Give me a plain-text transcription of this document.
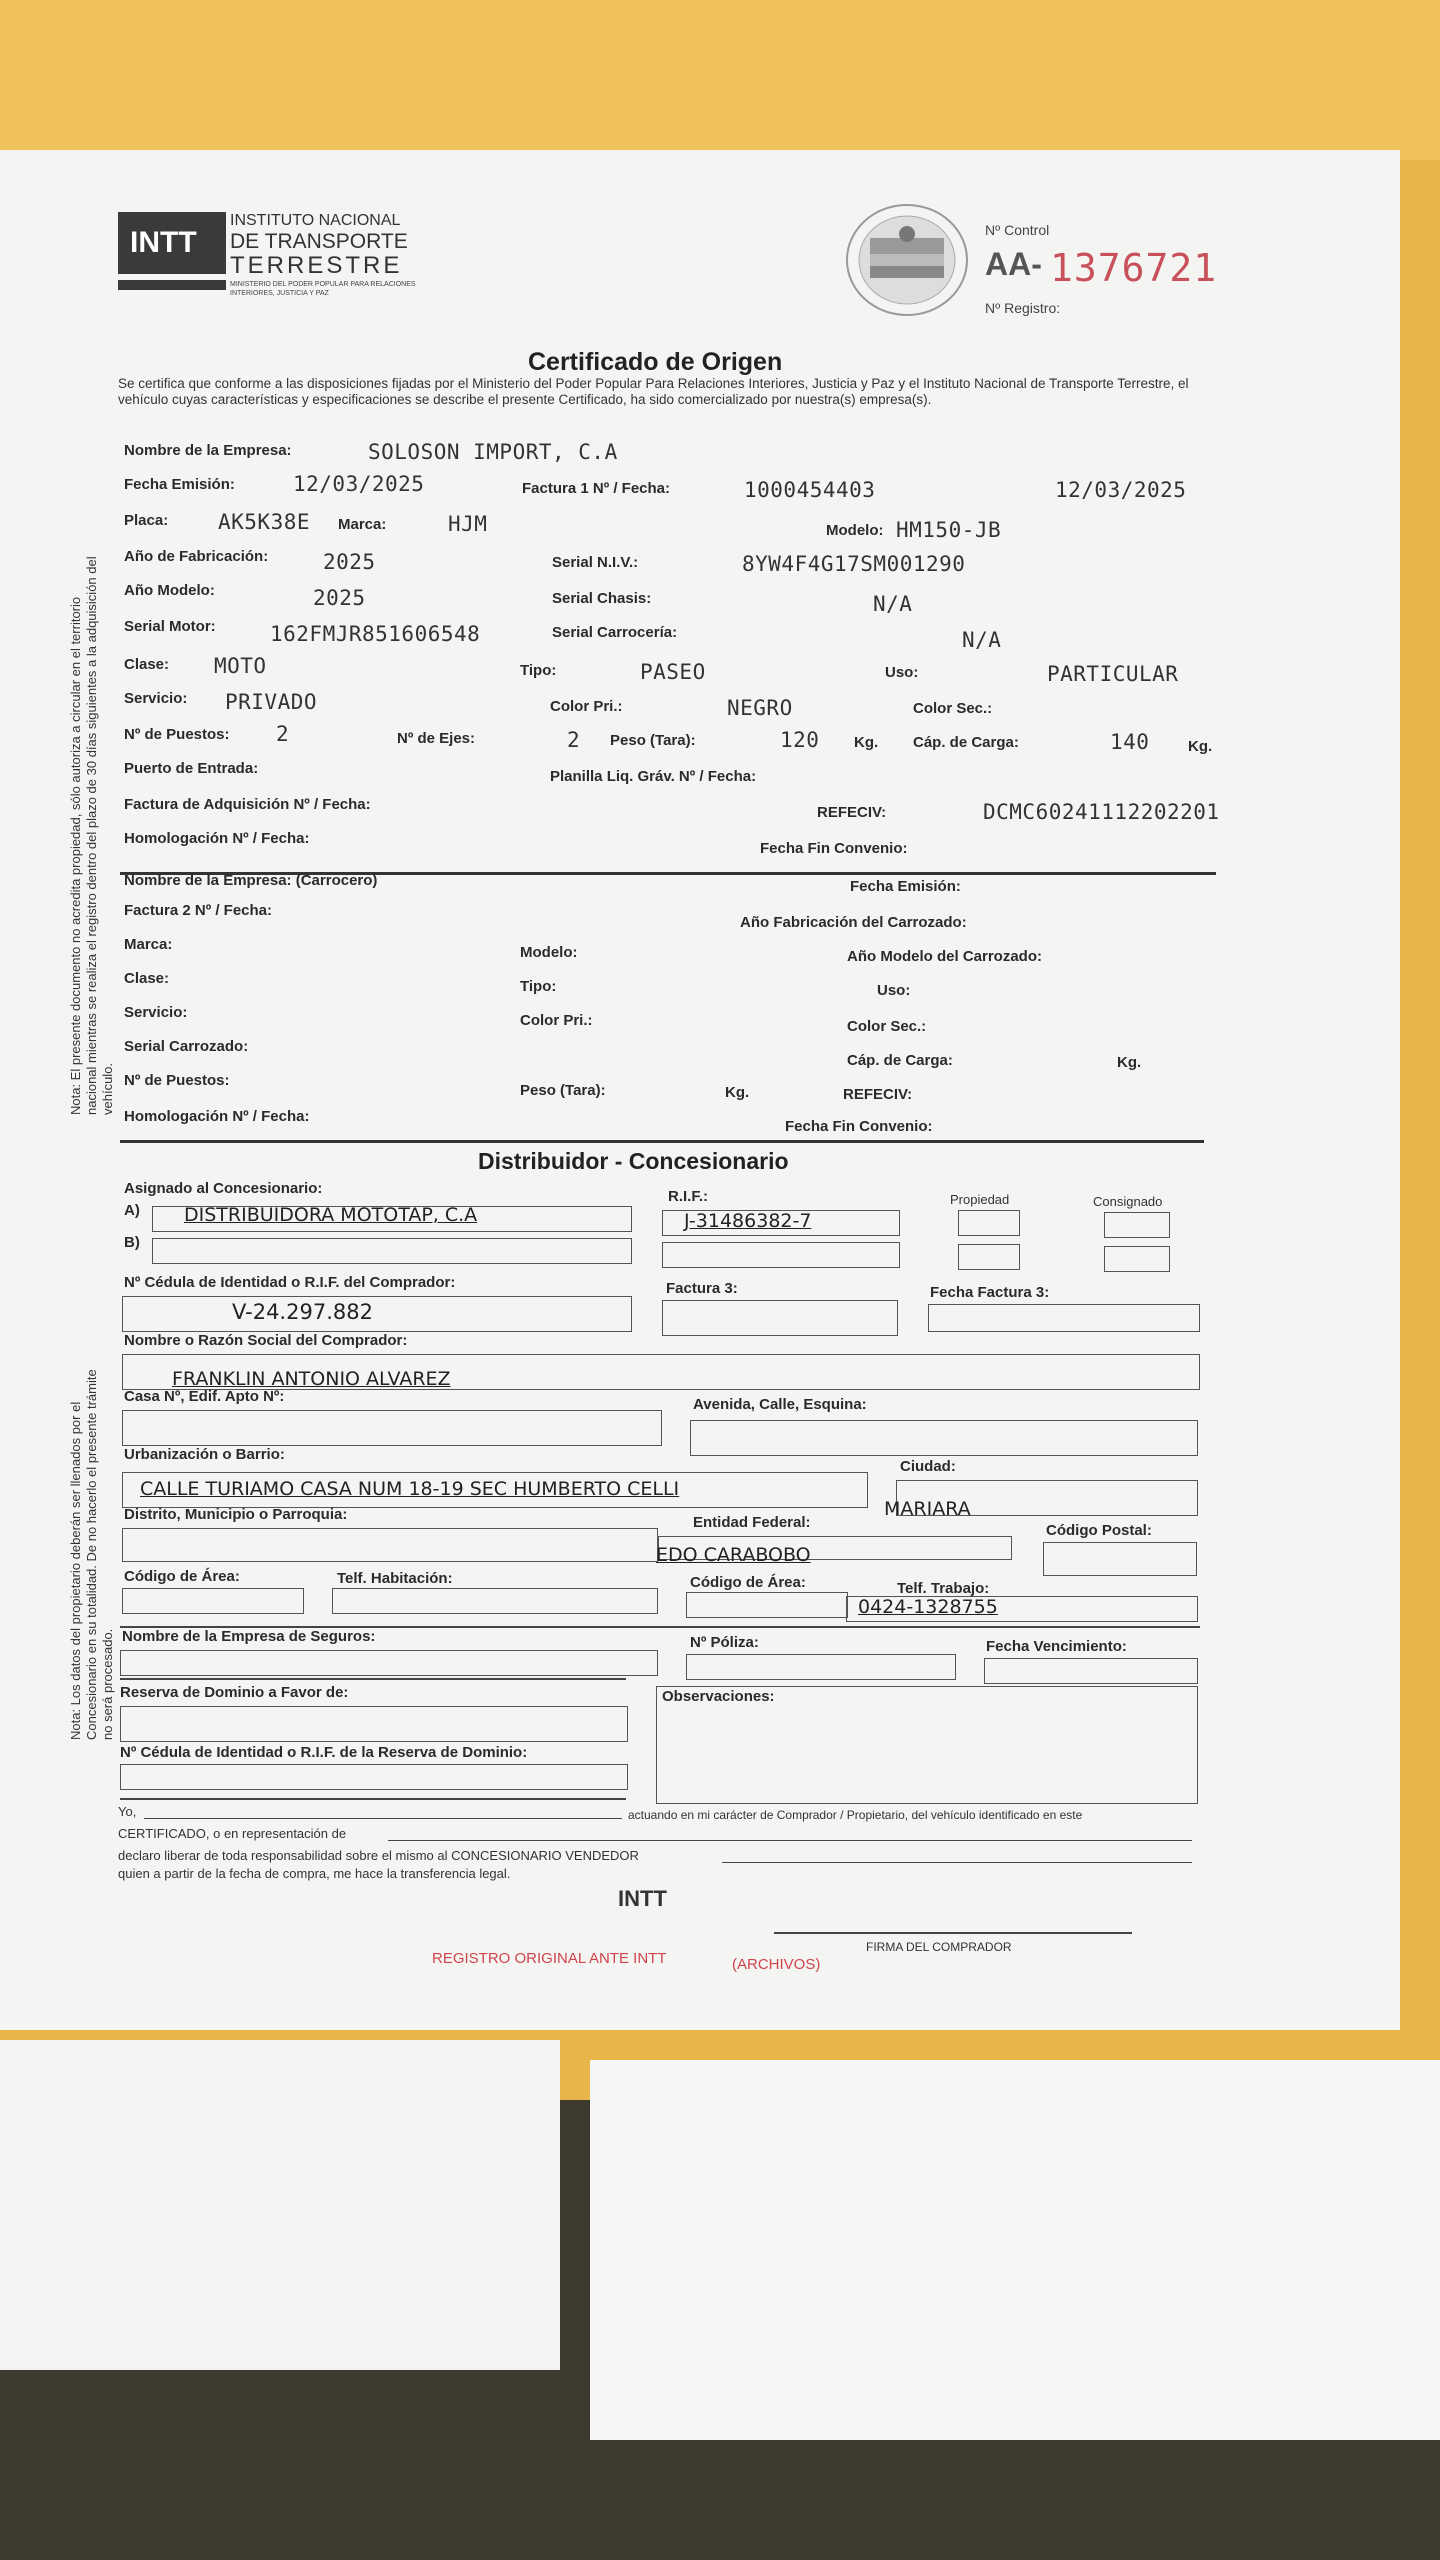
INTT
INSTITUTO NACIONAL
DE TRANSPORTE
TERRESTRE
MINISTERIO DEL PODER POPULAR PARA RELACIONES INTERIORES, JUSTICIA Y PAZ
Nº Control
AA- 1376721
Nº Registro:
Certificado de Origen
Se certifica que conforme a las disposiciones fijadas por el Ministerio del Poder Popular Para Relaciones Interiores, Justicia y Paz y el Instituto Nacional de Transporte Terrestre, el vehículo cuyas características y especificaciones se describe el presente Certificado, ha sido comercializado por nuestra(s) empresa(s).
Nota: El presente documento no acredita propiedad, sólo autoriza a circular en el territorio nacional mientras se realiza el registro dentro del plazo de 30 días siguientes a la adquisición del vehículo.
Nota: Los datos del propietario deberán ser llenados por el Concesionario en su totalidad. De no hacerlo el presente trámite no será procesado.
Nombre de la Empresa:	SOLOSON IMPORT, C.A
Fecha Emisión:	12/03/2025	Factura 1 Nº / Fecha:	1000454403	12/03/2025
Placa: AK5K38E Marca:	HJM	Modelo: HM150-JB
Año de Fabricación:	2025	Serial N.I.V.:	8YW4F4G17SM001290
Año Modelo:	2025	Serial Chasis:	N/A
Serial Motor:	162FMJR851606548	Serial Carrocería:	N/A
Clase: MOTO	Tipo:	PASEO	Uso:	PARTICULAR
Servicio: PRIVADO	Color Pri.:	NEGRO	Color Sec.:
Nº de Puestos: 2	Nº de Ejes:	2 Peso (Tara):	120 Kg. Cáp. de Carga:	140	Kg.
Puerto de Entrada:	Planilla Liq. Gráv. Nº / Fecha:
Factura de Adquisición Nº / Fecha:	REFECIV:	DCMC60241112202201
Homologación Nº / Fecha:
Fecha Fin Convenio:
Nombre de la Empresa: (Carrocero)	Fecha Emisión:
Factura 2 Nº / Fecha:
Año Fabricación del Carrozado:
Marca:	Modelo:	Año Modelo del Carrozado:
Clase:	Tipo:	Uso:
Servicio:	Color Pri.:	Color Sec.:
Serial Carrozado:
Cáp. de Carga:	Kg.
Nº de Puestos:
Peso (Tara):	Kg.	REFECIV:
Homologación Nº / Fecha:
Fecha Fin Convenio:
Distribuidor - Concesionario
Asignado al Concesionario:	R.I.F.:	Propiedad	Consignado
A) DISTRIBUIDORA MOTOTAP, C.A	J-31486382-7
B)
Nº Cédula de Identidad o R.I.F. del Comprador:	Factura 3:	Fecha Factura 3:
V-24.297.882
Nombre o Razón Social del Comprador:
FRANKLIN ANTONIO ALVAREZ
Casa Nº, Edif. Apto Nº:	Avenida, Calle, Esquina:
Urbanización o Barrio:
Ciudad:
CALLE TURIAMO CASA NUM 18-19 SEC HUMBERTO CELLI
MARIARA
Distrito, Municipio o Parroquia:	Entidad Federal:	Código Postal:
EDO CARABOBO
Código de Área:	Telf. Habitación:	Código de Área:	Telf. Trabajo:
0424-1328755
Nombre de la Empresa de Seguros:	Nº Póliza:	Fecha Vencimiento:
Reserva de Dominio a Favor de:	Observaciones:
Nº Cédula de Identidad o R.I.F. de la Reserva de Dominio:
Yo,	actuando en mi carácter de Comprador / Propietario, del vehículo identificado en este
CERTIFICADO, o en representación de
declaro liberar de toda responsabilidad sobre el mismo al CONCESIONARIO VENDEDOR
quien a partir de la fecha de compra, me hace la transferencia legal.
INTT
FIRMA DEL COMPRADOR
REGISTRO ORIGINAL ANTE INTT	(ARCHIVOS)
